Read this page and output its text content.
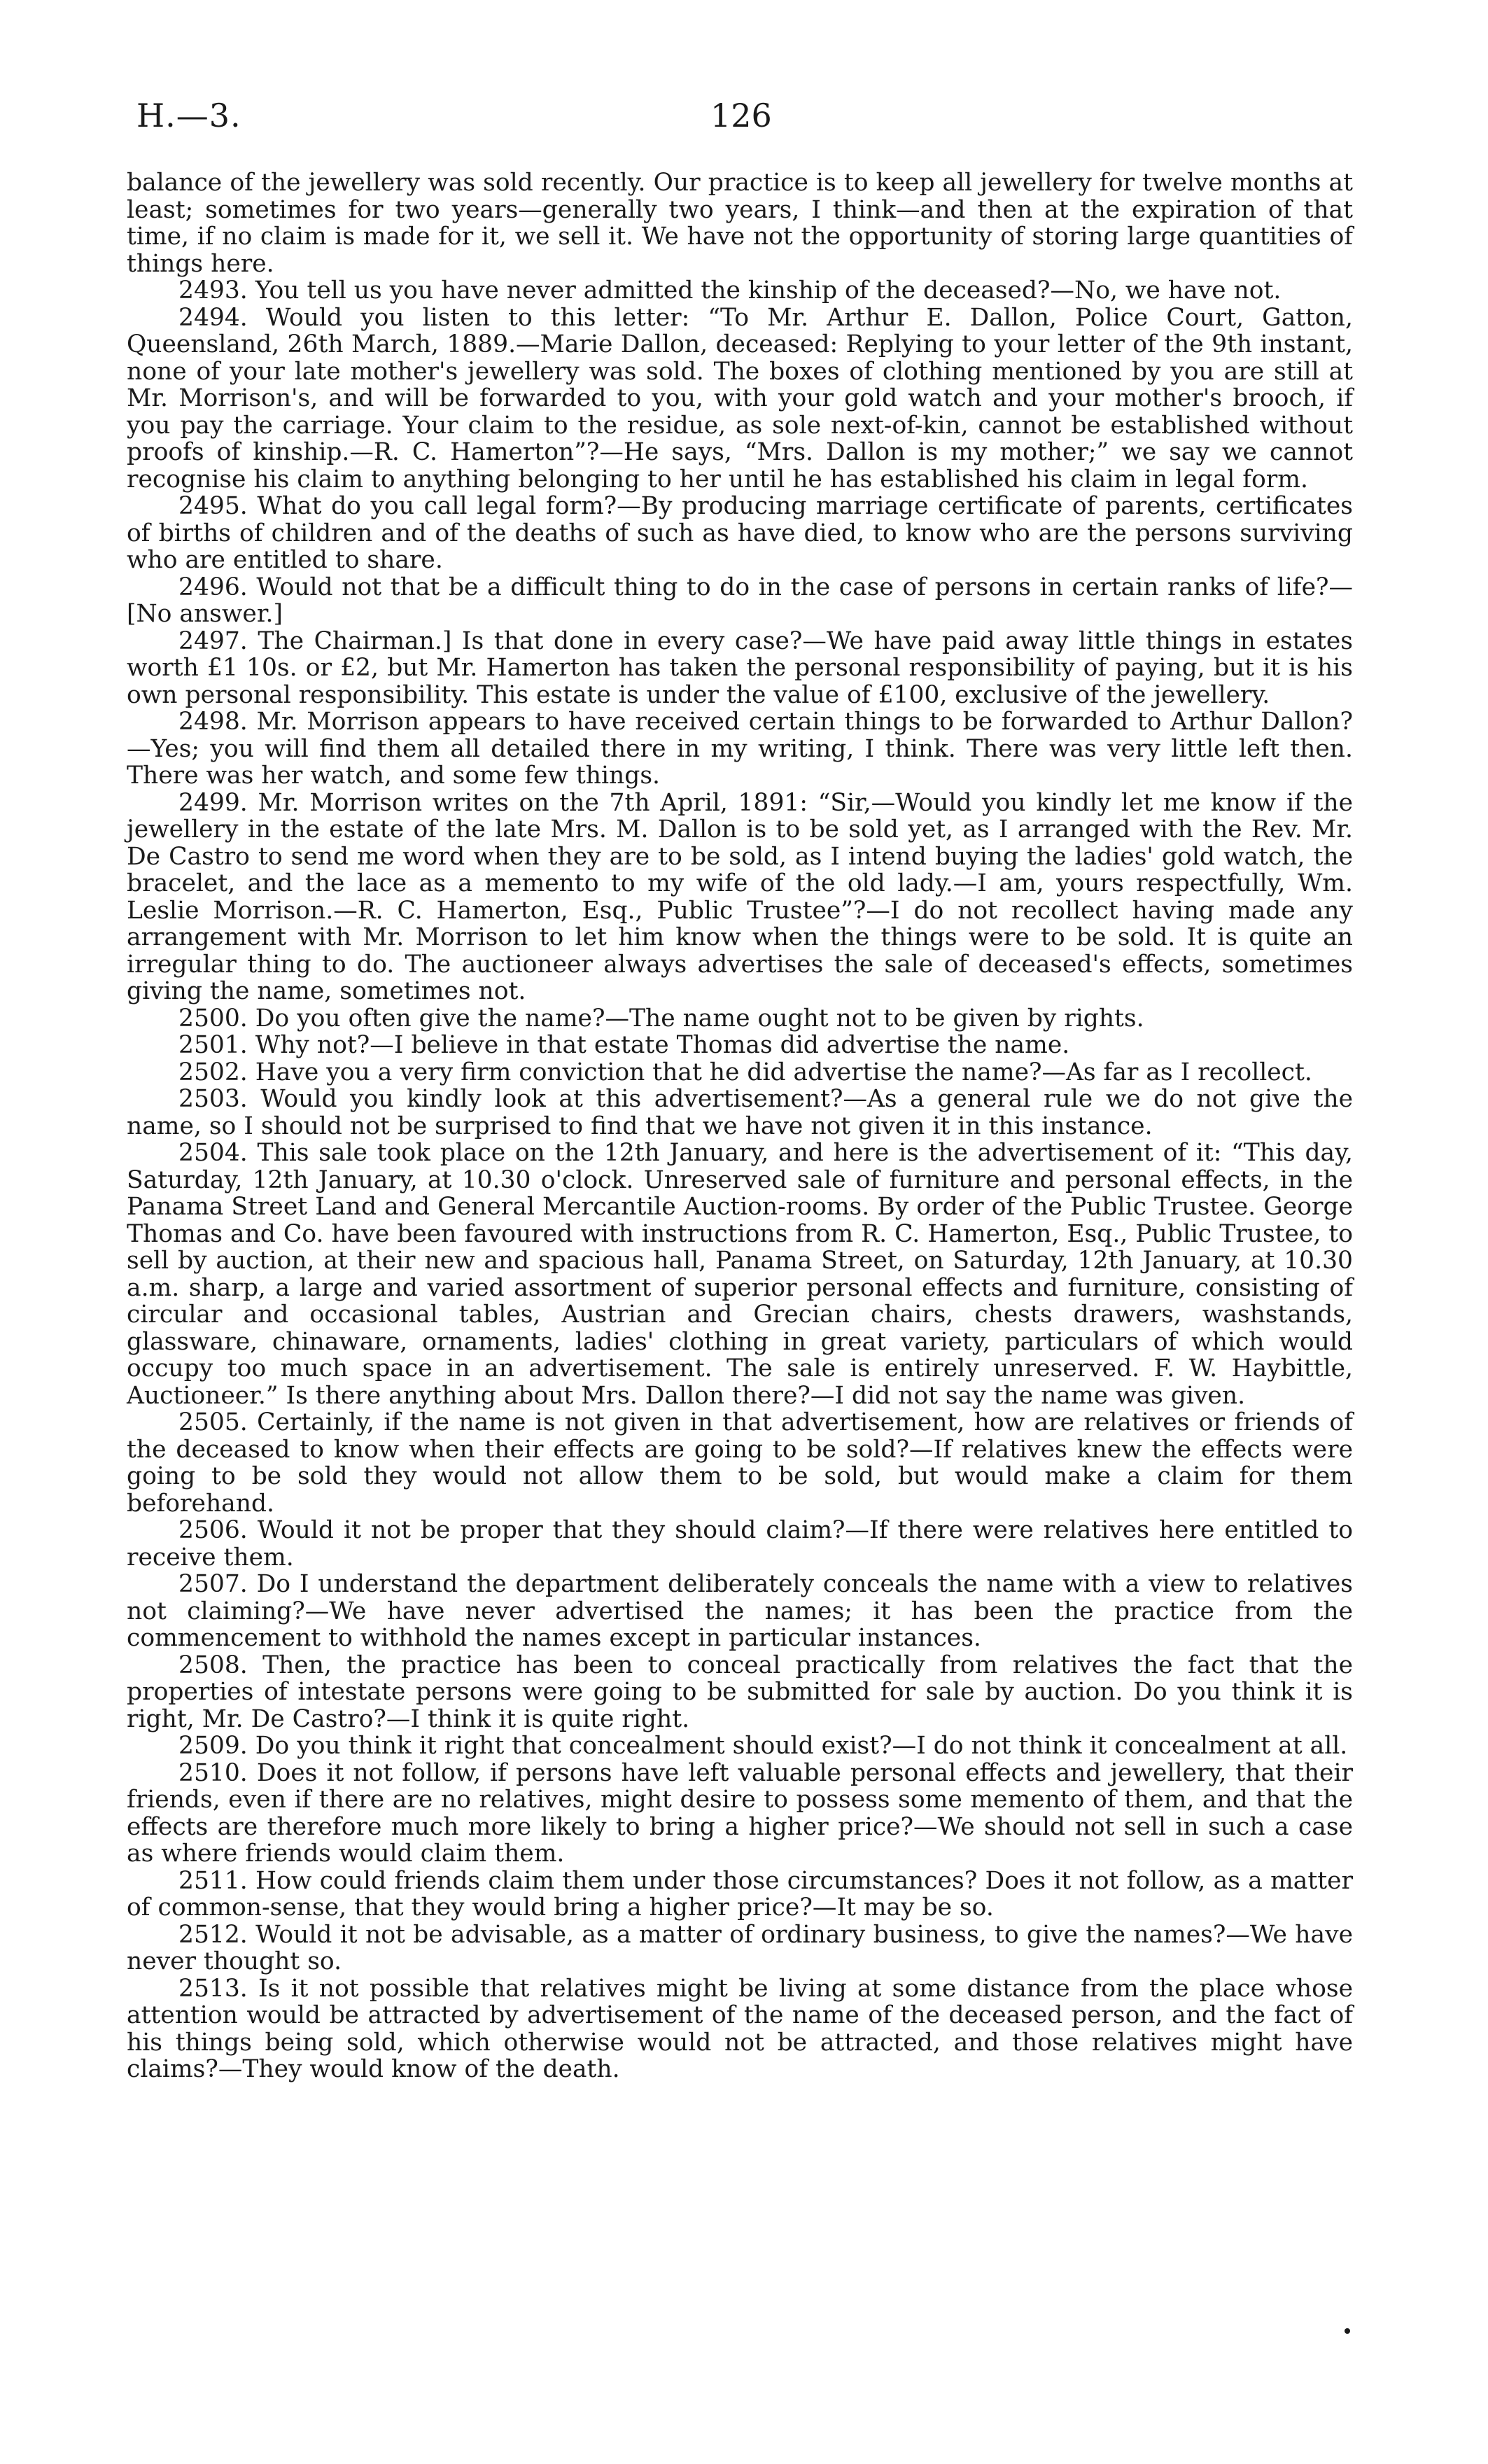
H.—3.	126

balance of the jewellery was sold recently. Our practice is to keep all jewellery for twelve months at least; sometimes for two years—generally two years, I think—and then at the expiration of that time, if no claim is made for it, we sell it. We have not the opportunity of storing large quantities of things here.

2493. You tell us you have never admitted the kinship of the deceased?—No, we have not.

2494. Would you listen to this letter: “To Mr. Arthur E. Dallon, Police Court, Gatton, Queensland, 26th March, 1889.—Marie Dallon, deceased: Replying to your letter of the 9th instant, none of your late mother's jewellery was sold. The boxes of clothing mentioned by you are still at Mr. Morrison's, and will be forwarded to you, with your gold watch and your mother's brooch, if you pay the carriage. Your claim to the residue, as sole next-of-kin, cannot be established without proofs of kinship.—R. C. Hamerton”?—He says, “Mrs. Dallon is my mother;” we say we cannot recognise his claim to anything belonging to her until he has established his claim in legal form.

2495. What do you call legal form?—By producing marriage certificate of parents, certificates of births of children and of the deaths of such as have died, to know who are the persons surviving who are entitled to share.

2496. Would not that be a difficult thing to do in the case of persons in certain ranks of life?—[No answer.]

2497. The Chairman.] Is that done in every case?—We have paid away little things in estates worth £1 10s. or £2, but Mr. Hamerton has taken the personal responsibility of paying, but it is his own personal responsibility. This estate is under the value of £100, exclusive of the jewellery.

2498. Mr. Morrison appears to have received certain things to be forwarded to Arthur Dallon?—Yes; you will find them all detailed there in my writing, I think. There was very little left then. There was her watch, and some few things.

2499. Mr. Morrison writes on the 7th April, 1891: “Sir,—Would you kindly let me know if the jewellery in the estate of the late Mrs. M. Dallon is to be sold yet, as I arranged with the Rev. Mr. De Castro to send me word when they are to be sold, as I intend buying the ladies' gold watch, the bracelet, and the lace as a memento to my wife of the old lady.—I am, yours respectfully, Wm. Leslie Morrison.—R. C. Hamerton, Esq., Public Trustee”?—I do not recollect having made any arrangement with Mr. Morrison to let him know when the things were to be sold. It is quite an irregular thing to do. The auctioneer always advertises the sale of deceased's effects, sometimes giving the name, sometimes not.

2500. Do you often give the name?—The name ought not to be given by rights.

2501. Why not?—I believe in that estate Thomas did advertise the name.

2502. Have you a very firm conviction that he did advertise the name?—As far as I recollect.

2503. Would you kindly look at this advertisement?—As a general rule we do not give the name, so I should not be surprised to find that we have not given it in this instance.

2504. This sale took place on the 12th January, and here is the advertisement of it: “This day, Saturday, 12th January, at 10.30 o'clock. Unreserved sale of furniture and personal effects, in the Panama Street Land and General Mercantile Auction-rooms. By order of the Public Trustee. George Thomas and Co. have been favoured with instructions from R. C. Hamerton, Esq., Public Trustee, to sell by auction, at their new and spacious hall, Panama Street, on Saturday, 12th January, at 10.30 a.m. sharp, a large and varied assortment of superior personal effects and furniture, consisting of circular and occasional tables, Austrian and Grecian chairs, chests drawers, washstands, glassware, chinaware, ornaments, ladies' clothing in great variety, particulars of which would occupy too much space in an advertisement. The sale is entirely unreserved. F. W. Haybittle, Auctioneer.” Is there anything about Mrs. Dallon there?—I did not say the name was given.

2505. Certainly, if the name is not given in that advertisement, how are relatives or friends of the deceased to know when their effects are going to be sold?—If relatives knew the effects were going to be sold they would not allow them to be sold, but would make a claim for them beforehand.

2506. Would it not be proper that they should claim?—If there were relatives here entitled to receive them.

2507. Do I understand the department deliberately conceals the name with a view to relatives not claiming?—We have never advertised the names; it has been the practice from the commencement to withhold the names except in particular instances.

2508. Then, the practice has been to conceal practically from relatives the fact that the properties of intestate persons were going to be submitted for sale by auction. Do you think it is right, Mr. De Castro?—I think it is quite right.

2509. Do you think it right that concealment should exist?—I do not think it concealment at all.

2510. Does it not follow, if persons have left valuable personal effects and jewellery, that their friends, even if there are no relatives, might desire to possess some memento of them, and that the effects are therefore much more likely to bring a higher price?—We should not sell in such a case as where friends would claim them.

2511. How could friends claim them under those circumstances? Does it not follow, as a matter of common-sense, that they would bring a higher price?—It may be so.

2512. Would it not be advisable, as a matter of ordinary business, to give the names?—We have never thought so.

2513. Is it not possible that relatives might be living at some distance from the place whose attention would be attracted by advertisement of the name of the deceased person, and the fact of his things being sold, which otherwise would not be attracted, and those relatives might have claims?—They would know of the death.
